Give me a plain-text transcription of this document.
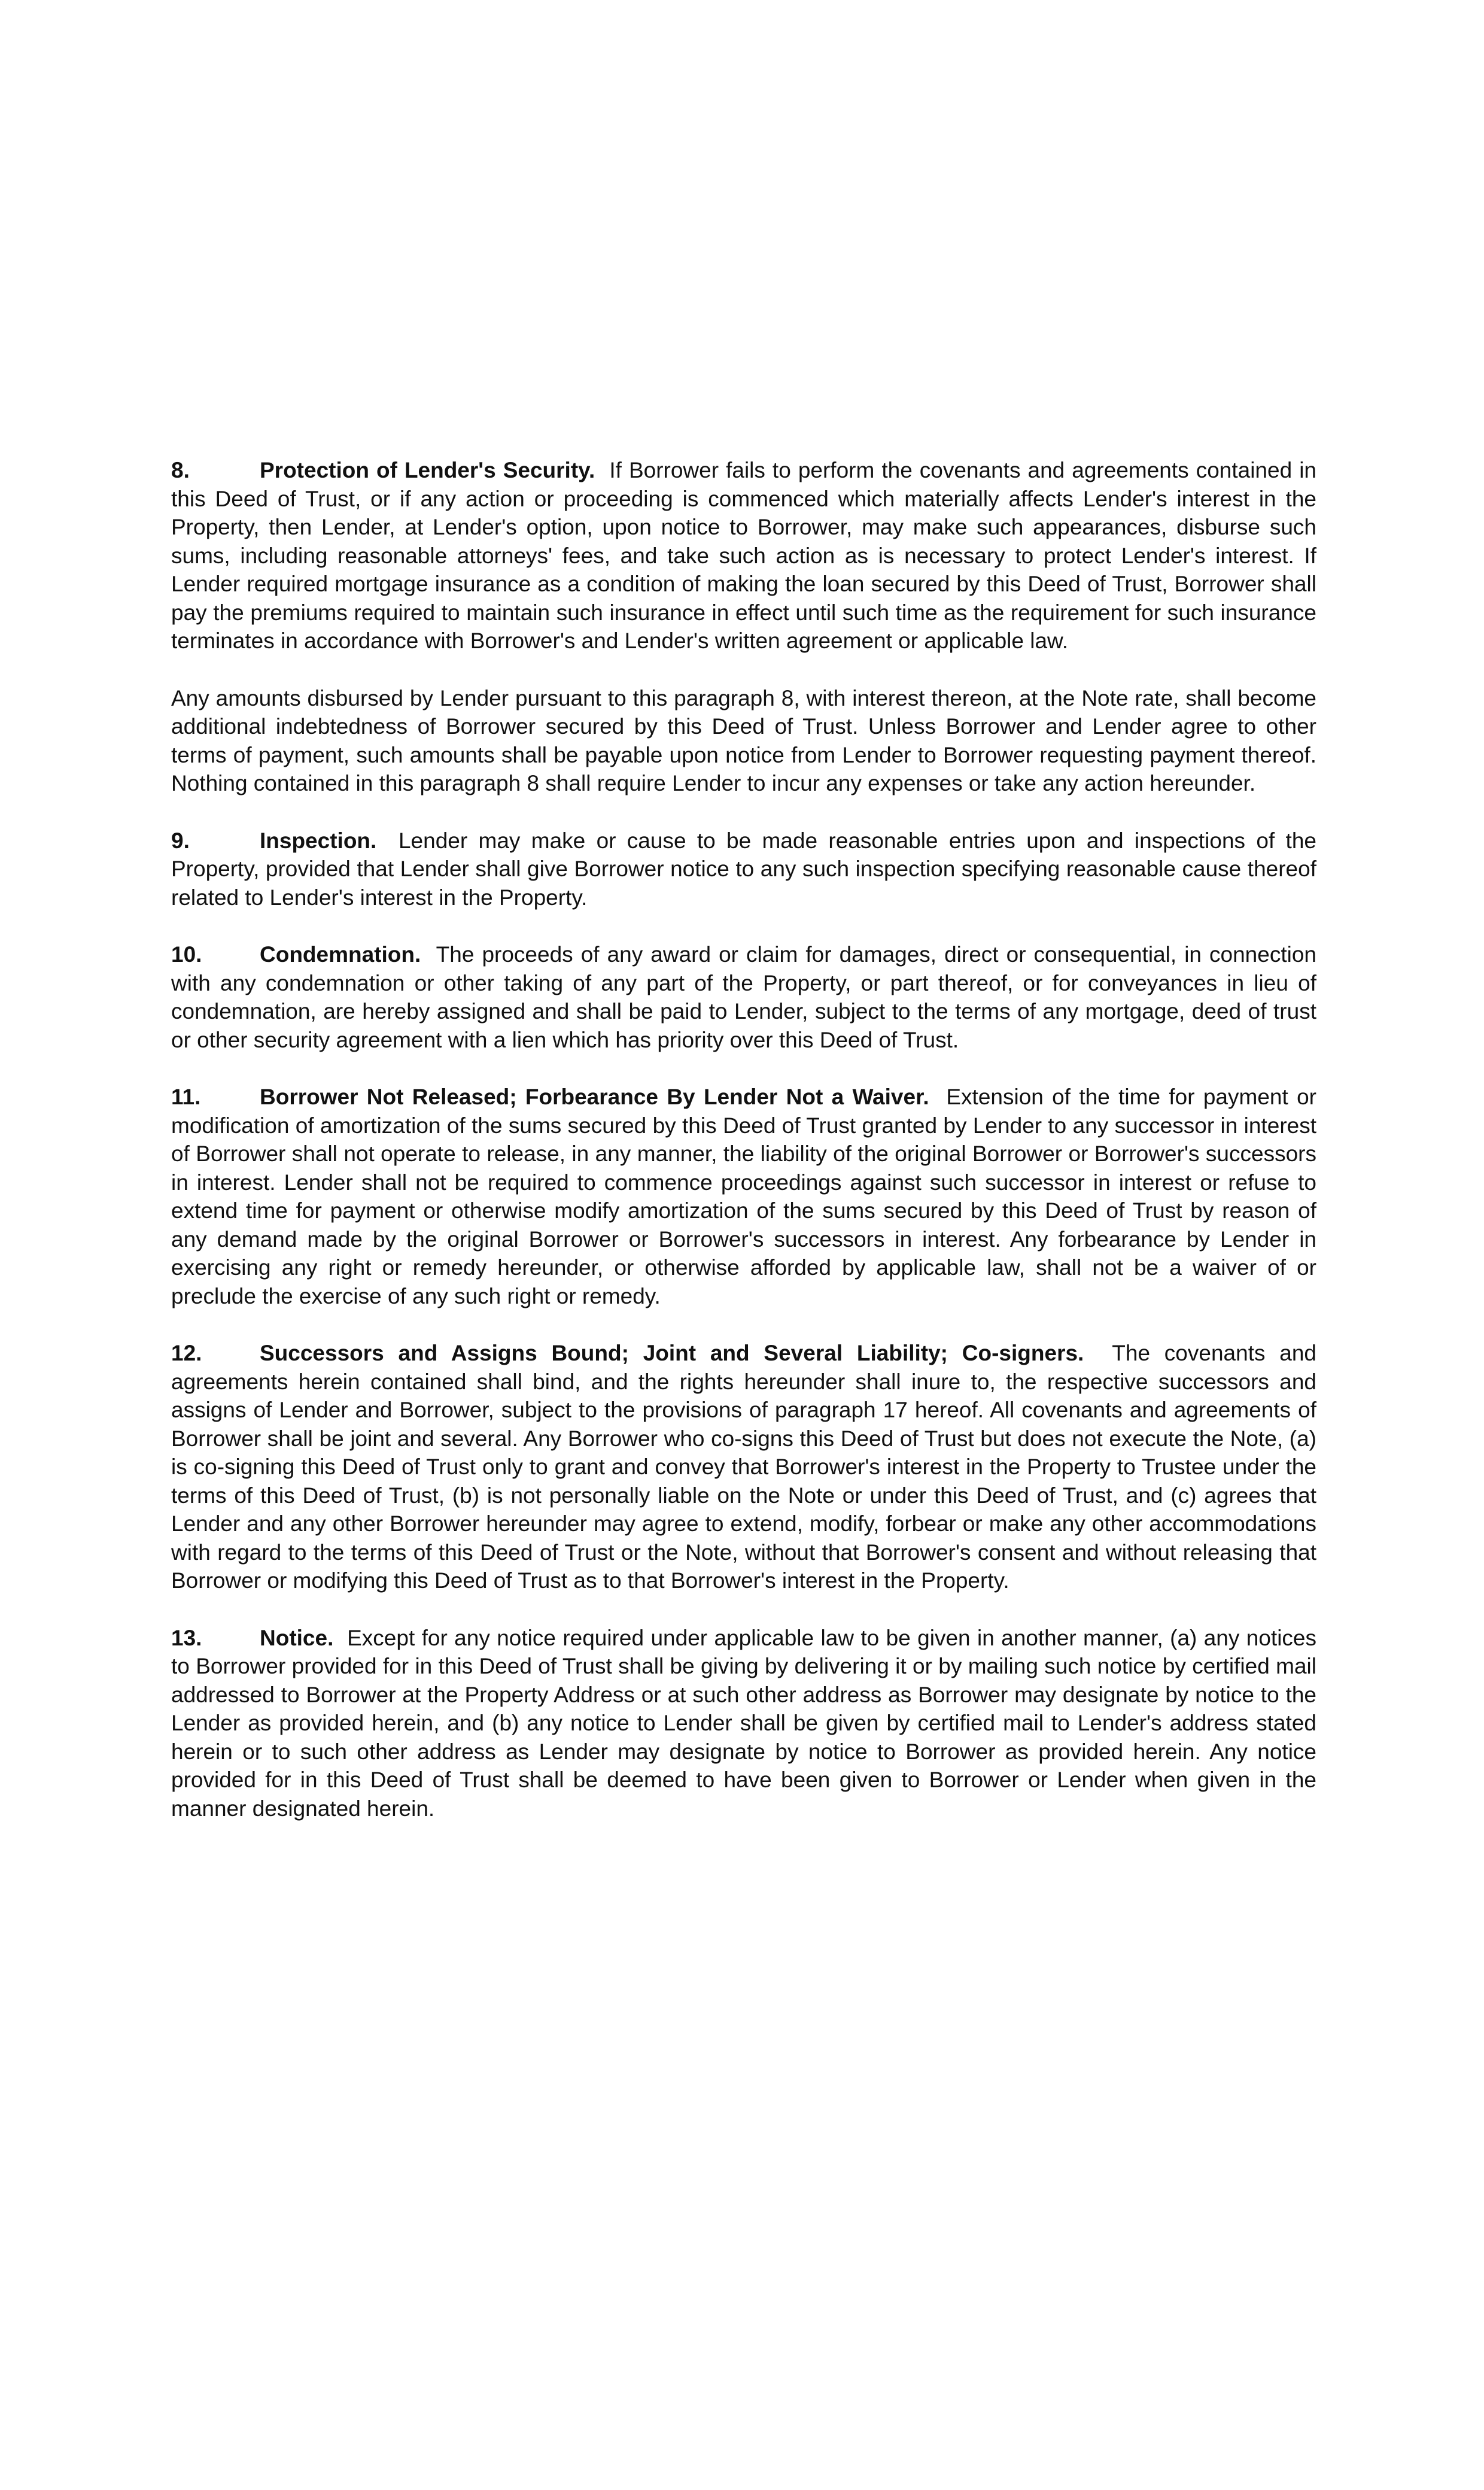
8.	Protection of Lender's Security. If Borrower fails to perform the covenants and agreements contained in this Deed of Trust, or if any action or proceeding is commenced which materially affects Lender's interest in the Property, then Lender, at Lender's option, upon notice to Borrower, may make such appearances, disburse such sums, including reasonable attorneys' fees, and take such action as is necessary to protect Lender's interest. If Lender required mortgage insurance as a condition of making the loan secured by this Deed of Trust, Borrower shall pay the premiums required to maintain such insurance in effect until such time as the requirement for such insurance terminates in accordance with Borrower's and Lender's written agreement or applicable law.

Any amounts disbursed by Lender pursuant to this paragraph 8, with interest thereon, at the Note rate, shall become additional indebtedness of Borrower secured by this Deed of Trust. Unless Borrower and Lender agree to other terms of payment, such amounts shall be payable upon notice from Lender to Borrower requesting payment thereof. Nothing contained in this paragraph 8 shall require Lender to incur any expenses or take any action hereunder.

9.	Inspection. Lender may make or cause to be made reasonable entries upon and inspections of the Property, provided that Lender shall give Borrower notice to any such inspection specifying reasonable cause thereof related to Lender's interest in the Property.

10.	Condemnation. The proceeds of any award or claim for damages, direct or consequential, in connection with any condemnation or other taking of any part of the Property, or part thereof, or for conveyances in lieu of condemnation, are hereby assigned and shall be paid to Lender, subject to the terms of any mortgage, deed of trust or other security agreement with a lien which has priority over this Deed of Trust.

11.	Borrower Not Released; Forbearance By Lender Not a Waiver. Extension of the time for payment or modification of amortization of the sums secured by this Deed of Trust granted by Lender to any successor in interest of Borrower shall not operate to release, in any manner, the liability of the original Borrower or Borrower's successors in interest. Lender shall not be required to commence proceedings against such successor in interest or refuse to extend time for payment or otherwise modify amortization of the sums secured by this Deed of Trust by reason of any demand made by the original Borrower or Borrower's successors in interest. Any forbearance by Lender in exercising any right or remedy hereunder, or otherwise afforded by applicable law, shall not be a waiver of or preclude the exercise of any such right or remedy.

12.	Successors and Assigns Bound; Joint and Several Liability; Co-signers. The covenants and agreements herein contained shall bind, and the rights hereunder shall inure to, the respective successors and assigns of Lender and Borrower, subject to the provisions of paragraph 17 hereof. All covenants and agreements of Borrower shall be joint and several. Any Borrower who co-signs this Deed of Trust but does not execute the Note, (a) is co-signing this Deed of Trust only to grant and convey that Borrower's interest in the Property to Trustee under the terms of this Deed of Trust, (b) is not personally liable on the Note or under this Deed of Trust, and (c) agrees that Lender and any other Borrower hereunder may agree to extend, modify, forbear or make any other accommodations with regard to the terms of this Deed of Trust or the Note, without that Borrower's consent and without releasing that Borrower or modifying this Deed of Trust as to that Borrower's interest in the Property.

13.	Notice. Except for any notice required under applicable law to be given in another manner, (a) any notices to Borrower provided for in this Deed of Trust shall be giving by delivering it or by mailing such notice by certified mail addressed to Borrower at the Property Address or at such other address as Borrower may designate by notice to the Lender as provided herein, and (b) any notice to Lender shall be given by certified mail to Lender's address stated herein or to such other address as Lender may designate by notice to Borrower as provided herein. Any notice provided for in this Deed of Trust shall be deemed to have been given to Borrower or Lender when given in the manner designated herein.
